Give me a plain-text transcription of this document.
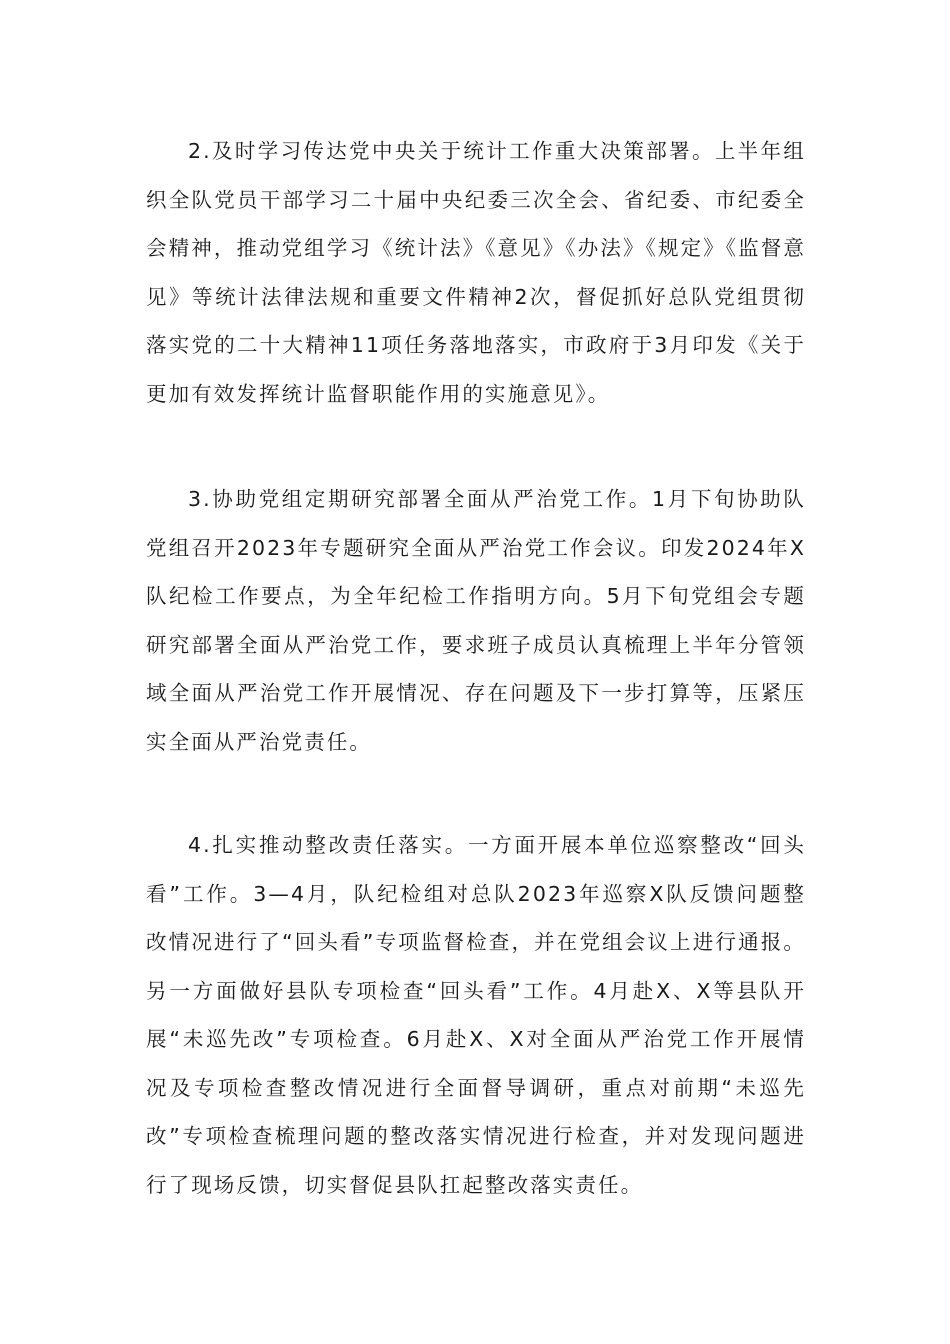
2.及时学习传达党中央关于统计工作重大决策部署。上半年组织全队党员干部学习二十届中央纪委三次全会、省纪委、市纪委全会精神，推动党组学习《统计法》《意见》《办法》《规定》《监督意见》等统计法律法规和重要文件精神2次，督促抓好总队党组贯彻落实党的二十大精神11项任务落地落实，市政府于3月印发《关于更加有效发挥统计监督职能作用的实施意见》。

3.协助党组定期研究部署全面从严治党工作。1月下旬协助队党组召开2023年专题研究全面从严治党工作会议。印发2024年X队纪检工作要点，为全年纪检工作指明方向。5月下旬党组会专题研究部署全面从严治党工作，要求班子成员认真梳理上半年分管领域全面从严治党工作开展情况、存在问题及下一步打算等，压紧压实全面从严治党责任。

4.扎实推动整改责任落实。一方面开展本单位巡察整改“回头看”工作。3—4月，队纪检组对总队2023年巡察X队反馈问题整改情况进行了“回头看”专项监督检查，并在党组会议上进行通报。另一方面做好县队专项检查“回头看”工作。4月赴X、X等县队开展“未巡先改”专项检查。6月赴X、X对全面从严治党工作开展情况及专项检查整改情况进行全面督导调研，重点对前期“未巡先改”专项检查梳理问题的整改落实情况进行检查，并对发现问题进行了现场反馈，切实督促县队扛起整改落实责任。
